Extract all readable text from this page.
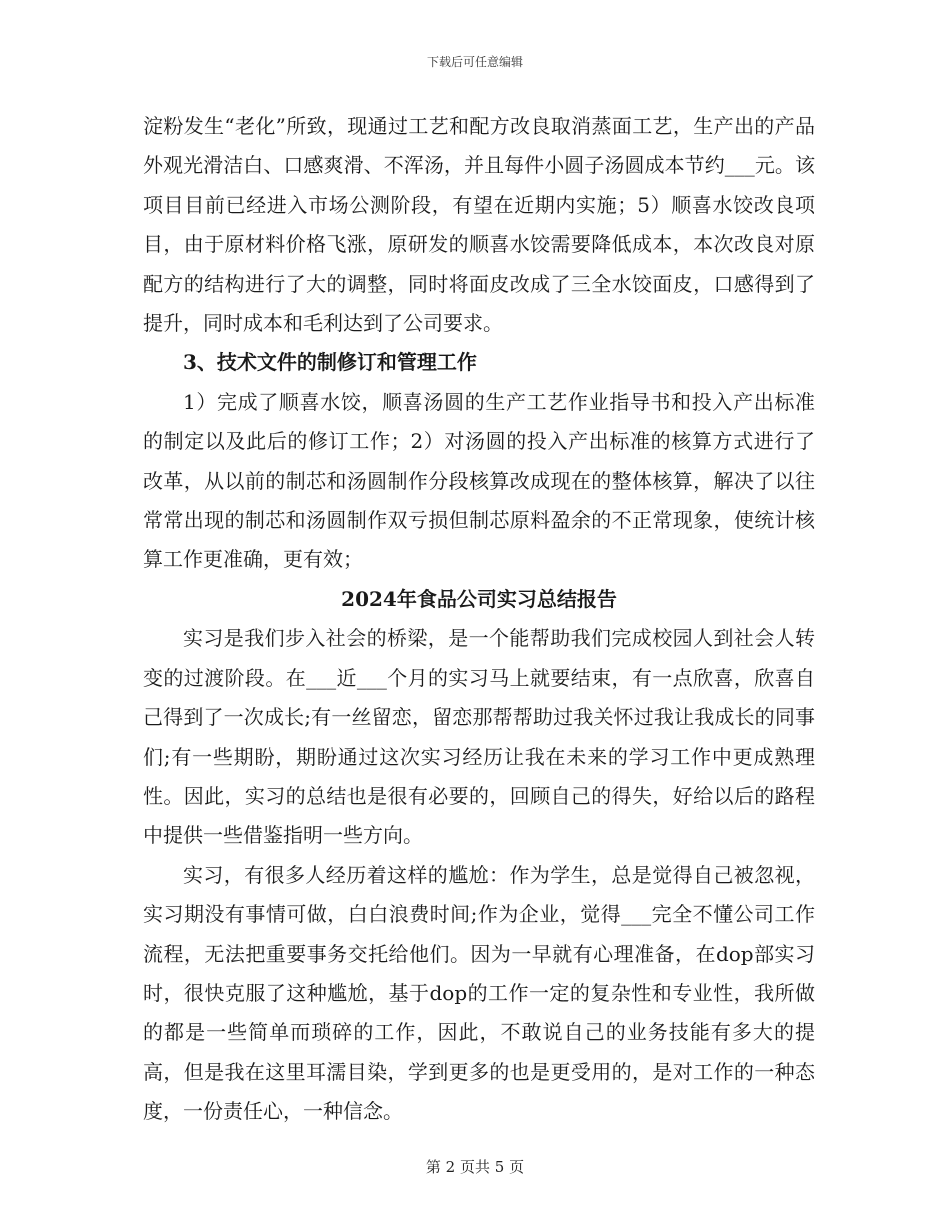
下载后可任意编辑

淀粉发生“老化”所致，现通过工艺和配方改良取消蒸面工艺，生产出的产品外观光滑洁白、口感爽滑、不浑汤，并且每件小圆子汤圆成本节约___元。该项目目前已经进入市场公测阶段，有望在近期内实施；5）顺喜水饺改良项目，由于原材料价格飞涨，原研发的顺喜水饺需要降低成本，本次改良对原配方的结构进行了大的调整，同时将面皮改成了三全水饺面皮，口感得到了提升，同时成本和毛利达到了公司要求。

3、技术文件的制修订和管理工作

1）完成了顺喜水饺，顺喜汤圆的生产工艺作业指导书和投入产出标准的制定以及此后的修订工作；2）对汤圆的投入产出标准的核算方式进行了改革，从以前的制芯和汤圆制作分段核算改成现在的整体核算，解决了以往常常出现的制芯和汤圆制作双亏损但制芯原料盈余的不正常现象，使统计核算工作更准确，更有效；

2024年食品公司实习总结报告

实习是我们步入社会的桥梁，是一个能帮助我们完成校园人到社会人转变的过渡阶段。在___近___个月的实习马上就要结束，有一点欣喜，欣喜自己得到了一次成长;有一丝留恋，留恋那帮帮助过我关怀过我让我成长的同事们;有一些期盼，期盼通过这次实习经历让我在未来的学习工作中更成熟理性。因此，实习的总结也是很有必要的，回顾自己的得失，好给以后的路程中提供一些借鉴指明一些方向。

实习，有很多人经历着这样的尴尬：作为学生，总是觉得自己被忽视，实习期没有事情可做，白白浪费时间;作为企业，觉得___完全不懂公司工作流程，无法把重要事务交托给他们。因为一早就有心理准备，在dop部实习时，很快克服了这种尴尬，基于dop的工作一定的复杂性和专业性，我所做的都是一些简单而琐碎的工作，因此，不敢说自己的业务技能有多大的提高，但是我在这里耳濡目染，学到更多的也是更受用的，是对工作的一种态度，一份责任心，一种信念。

第 2 页共 5 页
